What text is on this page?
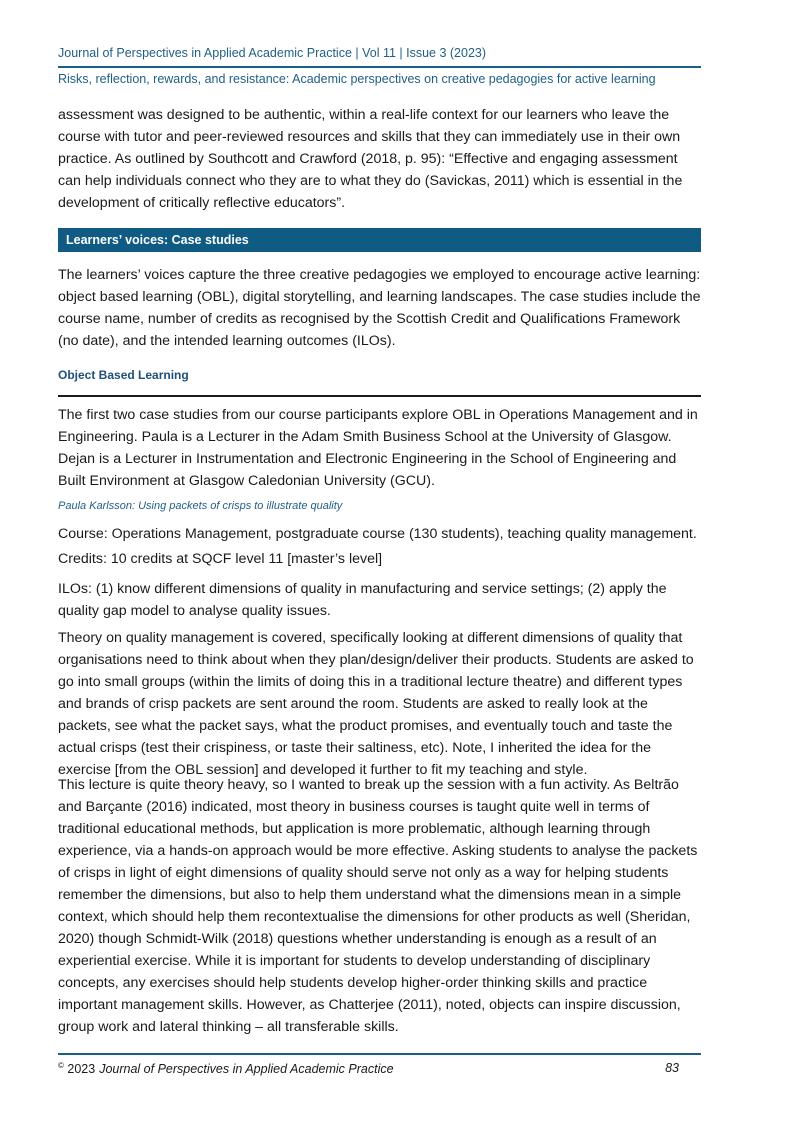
Journal of Perspectives in Applied Academic Practice | Vol 11 | Issue 3 (2023)
Risks, reflection, rewards, and resistance: Academic perspectives on creative pedagogies for active learning

assessment was designed to be authentic, within a real-life context for our learners who leave the course with tutor and peer-reviewed resources and skills that they can immediately use in their own practice. As outlined by Southcott and Crawford (2018, p. 95): “Effective and engaging assessment can help individuals connect who they are to what they do (Savickas, 2011) which is essential in the development of critically reflective educators”.

Learners’ voices: Case studies

The learners’ voices capture the three creative pedagogies we employed to encourage active learning: object based learning (OBL), digital storytelling, and learning landscapes. The case studies include the course name, number of credits as recognised by the Scottish Credit and Qualifications Framework (no date), and the intended learning outcomes (ILOs).

Object Based Learning

The first two case studies from our course participants explore OBL in Operations Management and in Engineering. Paula is a Lecturer in the Adam Smith Business School at the University of Glasgow. Dejan is a Lecturer in Instrumentation and Electronic Engineering in the School of Engineering and Built Environment at Glasgow Caledonian University (GCU).

Paula Karlsson: Using packets of crisps to illustrate quality

Course: Operations Management, postgraduate course (130 students), teaching quality management.

Credits: 10 credits at SQCF level 11 [master’s level]

ILOs: (1) know different dimensions of quality in manufacturing and service settings; (2) apply the quality gap model to analyse quality issues.

Theory on quality management is covered, specifically looking at different dimensions of quality that organisations need to think about when they plan/design/deliver their products. Students are asked to go into small groups (within the limits of doing this in a traditional lecture theatre) and different types and brands of crisp packets are sent around the room. Students are asked to really look at the packets, see what the packet says, what the product promises, and eventually touch and taste the actual crisps (test their crispiness, or taste their saltiness, etc). Note, I inherited the idea for the exercise [from the OBL session] and developed it further to fit my teaching and style.

This lecture is quite theory heavy, so I wanted to break up the session with a fun activity. As Beltrão and Barçante (2016) indicated, most theory in business courses is taught quite well in terms of traditional educational methods, but application is more problematic, although learning through experience, via a hands-on approach would be more effective. Asking students to analyse the packets of crisps in light of eight dimensions of quality should serve not only as a way for helping students remember the dimensions, but also to help them understand what the dimensions mean in a simple context, which should help them recontextualise the dimensions for other products as well (Sheridan, 2020) though Schmidt-Wilk (2018) questions whether understanding is enough as a result of an experiential exercise. While it is important for students to develop understanding of disciplinary concepts, any exercises should help students develop higher-order thinking skills and practice important management skills. However, as Chatterjee (2011), noted, objects can inspire discussion, group work and lateral thinking – all transferable skills.

© 2023 Journal of Perspectives in Applied Academic Practice	83
